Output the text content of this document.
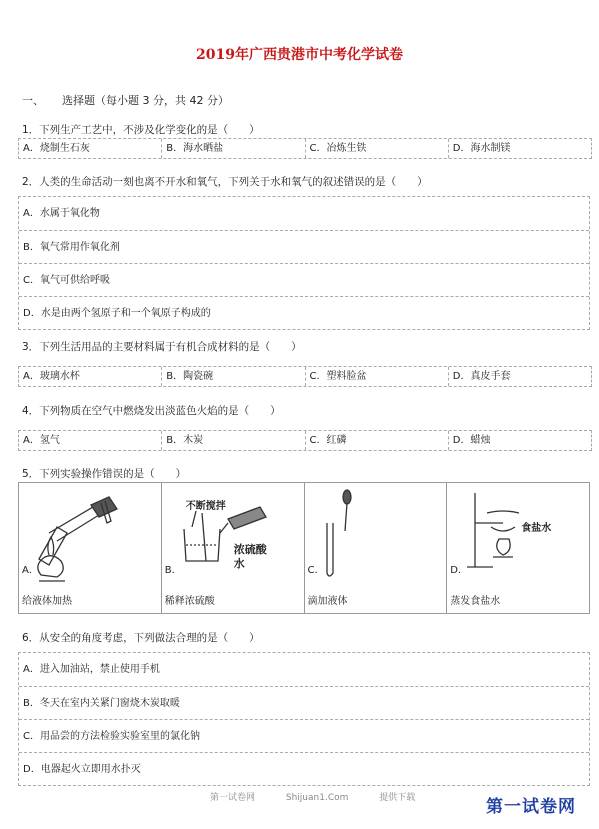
2019年广西贵港市中考化学试卷
一、 选择题（每小题 3 分，共 42 分）
1．下列生产工艺中，不涉及化学变化的是（　　）
A．烧制生石灰	B．海水晒盐	C．冶炼生铁	D．海水制镁
2．人类的生命活动一刻也离不开水和氧气，下列关于水和氧气的叙述错误的是（　　）
A．水属于氧化物
B．氧气常用作氧化剂
C．氧气可供给呼吸
D．水是由两个氢原子和一个氧原子构成的
3．下列生活用品的主要材料属于有机合成材料的是（　　）
A．玻璃水杯	B．陶瓷碗	C．塑料脸盆	D．真皮手套
4．下列物质在空气中燃烧发出淡蓝色火焰的是（　　）
A．氢气	B．木炭	C．红磷	D．蜡烛
5．下列实验操作错误的是（　　）
A．
给液体加热
不断搅拌
浓硫酸
水
B．
稀释浓硫酸
C．
滴加液体
食盐水
D．
蒸发食盐水
6．从安全的角度考虑，下列做法合理的是（　　）
A．进入加油站，禁止使用手机
B．冬天在室内关紧门窗烧木炭取暖
C．用品尝的方法检验实验室里的氯化钠
D．电器起火立即用水扑灭
第一试卷网	Shijuan1.Com	提供下载	第一试卷网
